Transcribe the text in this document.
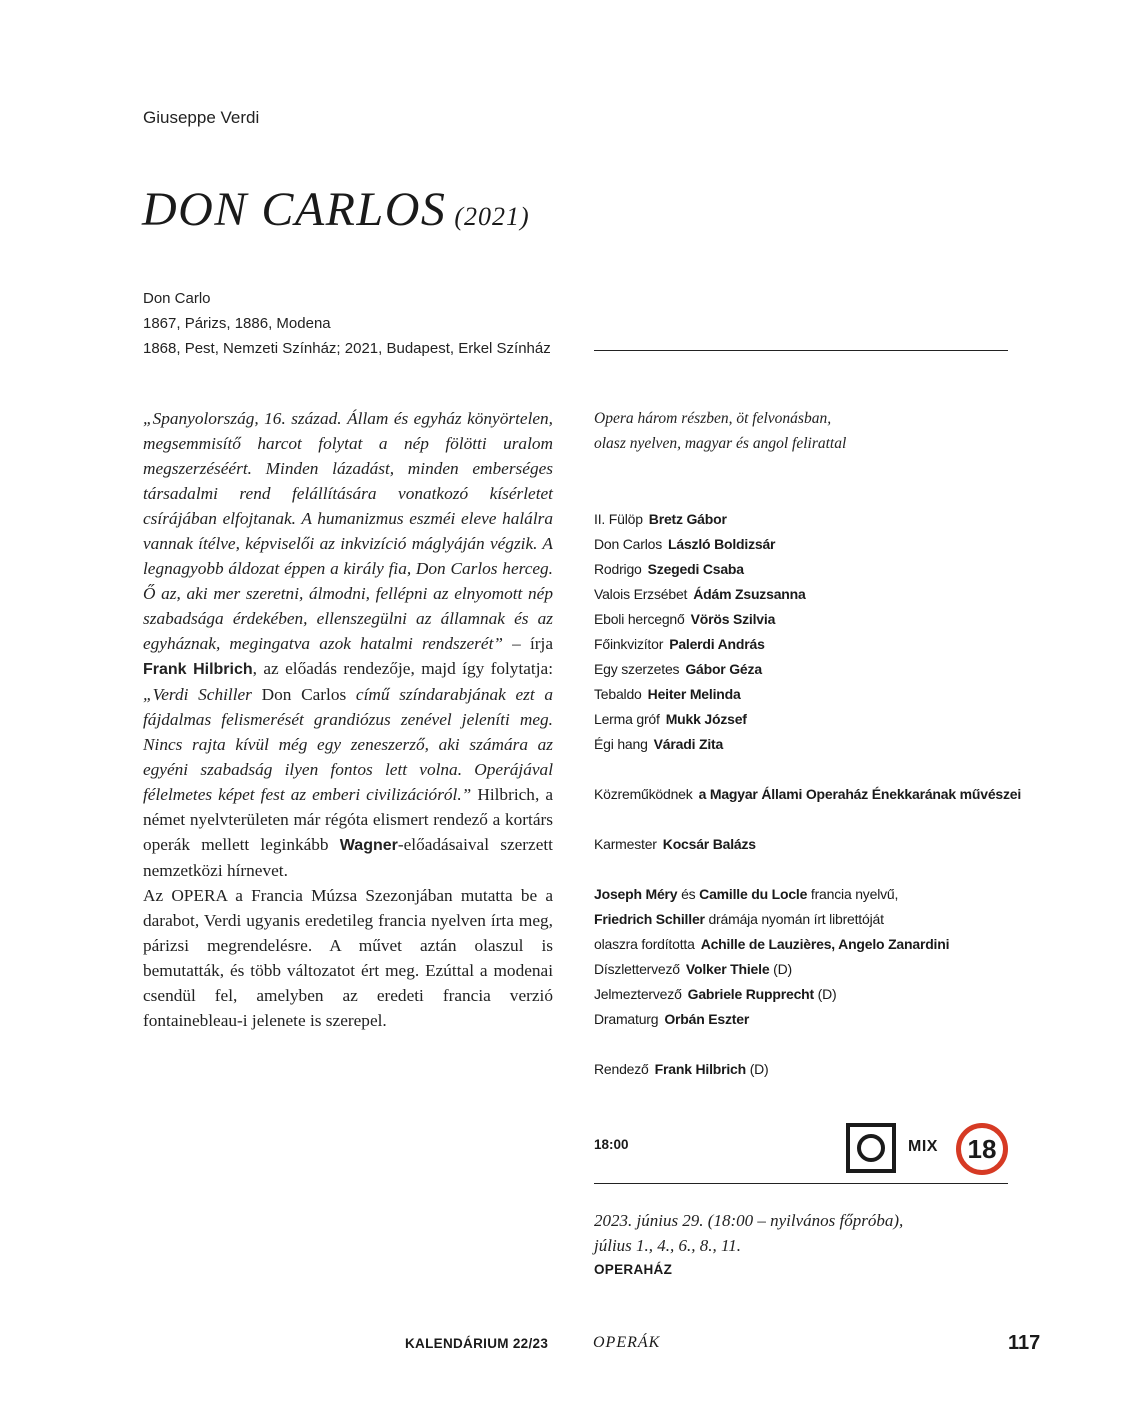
Giuseppe Verdi
DON CARLOS (2021)
Don Carlo
1867, Párizs, 1886, Modena
1868, Pest, Nemzeti Színház; 2021, Budapest, Erkel Színház

„Spanyolország, 16. század. Állam és egyház könyörtelen, megsemmisítő harcot folytat a nép fölötti uralom megszerzéséért. Minden lázadást, minden emberséges társadalmi rend felállítására vonatkozó kísérletet csírájában elfojtanak. A humanizmus eszméi eleve halálra vannak ítélve, képviselői az inkvizíció máglyáján végzik. A legnagyobb áldozat éppen a király fia, Don Carlos herceg. Ő az, aki mer szeretni, álmodni, fellépni az elnyomott nép szabadsága érdekében, ellenszegülni az államnak és az egyháznak, megingatva azok hatalmi rendszerét” – írja Frank Hilbrich, az előadás rendezője, majd így folytatja: „Verdi Schiller Don Carlos című színdarabjának ezt a fájdalmas felismerését grandiózus zenével jeleníti meg. Nincs rajta kívül még egy zeneszerző, aki számára az egyéni szabadság ilyen fontos lett volna. Operájával félelmetes képet fest az emberi civilizációról.” Hilbrich, a német nyelvterületen már régóta elismert rendező a kortárs operák mellett leginkább Wagner-előadásaival szerzett nemzetközi hírnevet.

Az OPERA a Francia Múzsa Szezonjában mutatta be a darabot, Verdi ugyanis eredetileg francia nyelven írta meg, párizsi megrendelésre. A művet aztán olaszul is bemutatták, és több változatot ért meg. Ezúttal a modenai csendül fel, amelyben az eredeti francia verzió fontainebleau-i jelenete is szerepel.

Opera három részben, öt felvonásban,
olasz nyelven, magyar és angol felirattal
II. Fülöp Bretz Gábor
Don Carlos László Boldizsár
Rodrigo Szegedi Csaba
Valois Erzsébet Ádám Zsuzsanna
Eboli hercegnő Vörös Szilvia
Főinkvizítor Palerdi András
Egy szerzetes Gábor Géza
Tebaldo Heiter Melinda
Lerma gróf Mukk József
Égi hang Váradi Zita
Közreműködnek a Magyar Állami Operaház Énekkarának művészei
Karmester Kocsár Balázs
Joseph Méry és Camille du Locle francia nyelvű,
Friedrich Schiller drámája nyomán írt librettóját
olaszra fordította Achille de Lauzières, Angelo Zanardini
Díszlettervező Volker Thiele (D)
Jelmeztervező Gabriele Rupprecht (D)
Dramaturg Orbán Eszter
Rendező Frank Hilbrich (D)
18:00	MIX 18
2023. június 29. (18:00 – nyilvános főpróba),
július 1., 4., 6., 8., 11.
OPERAHÁZ
KALENDÁRIUM 22/23	OPERÁK	117
